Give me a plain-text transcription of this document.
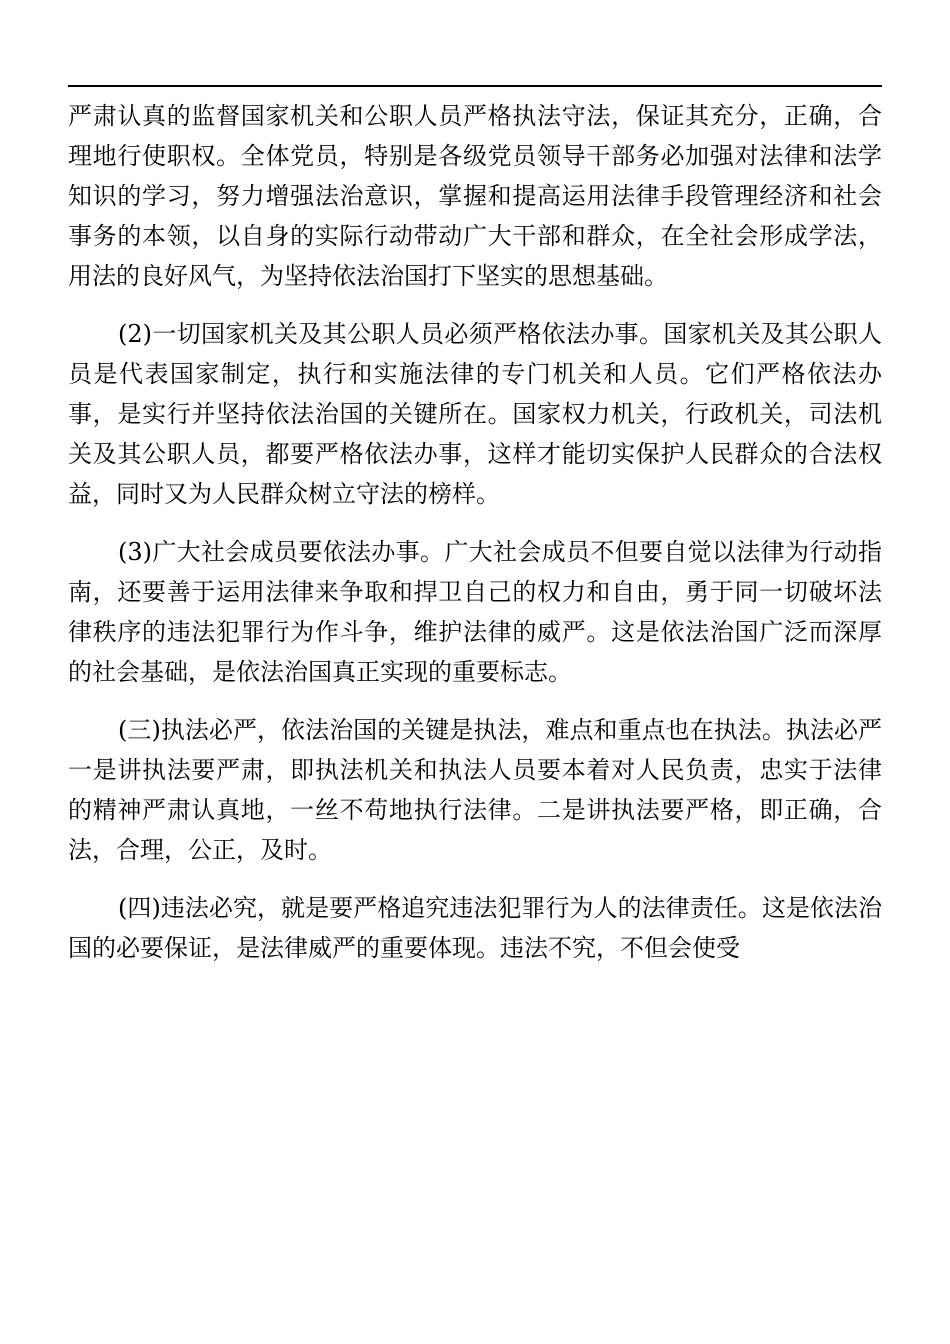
严肃认真的监督国家机关和公职人员严格执法守法，保证其充分，正确，合理地行使职权。全体党员，特别是各级党员领导干部务必加强对法律和法学知识的学习，努力增强法治意识，掌握和提高运用法律手段管理经济和社会事务的本领，以自身的实际行动带动广大干部和群众，在全社会形成学法，用法的良好风气，为坚持依法治国打下坚实的思想基础。

(2)一切国家机关及其公职人员必须严格依法办事。国家机关及其公职人员是代表国家制定，执行和实施法律的专门机关和人员。它们严格依法办事，是实行并坚持依法治国的关键所在。国家权力机关，行政机关，司法机关及其公职人员，都要严格依法办事，这样才能切实保护人民群众的合法权益，同时又为人民群众树立守法的榜样。

(3)广大社会成员要依法办事。广大社会成员不但要自觉以法律为行动指南，还要善于运用法律来争取和捍卫自己的权力和自由，勇于同一切破坏法律秩序的违法犯罪行为作斗争，维护法律的威严。这是依法治国广泛而深厚的社会基础，是依法治国真正实现的重要标志。

(三)执法必严，依法治国的关键是执法，难点和重点也在执法。执法必严一是讲执法要严肃，即执法机关和执法人员要本着对人民负责，忠实于法律的精神严肃认真地，一丝不苟地执行法律。二是讲执法要严格，即正确，合法，合理，公正，及时。

(四)违法必究，就是要严格追究违法犯罪行为人的法律责任。这是依法治国的必要保证，是法律威严的重要体现。违法不究，不但会使受
